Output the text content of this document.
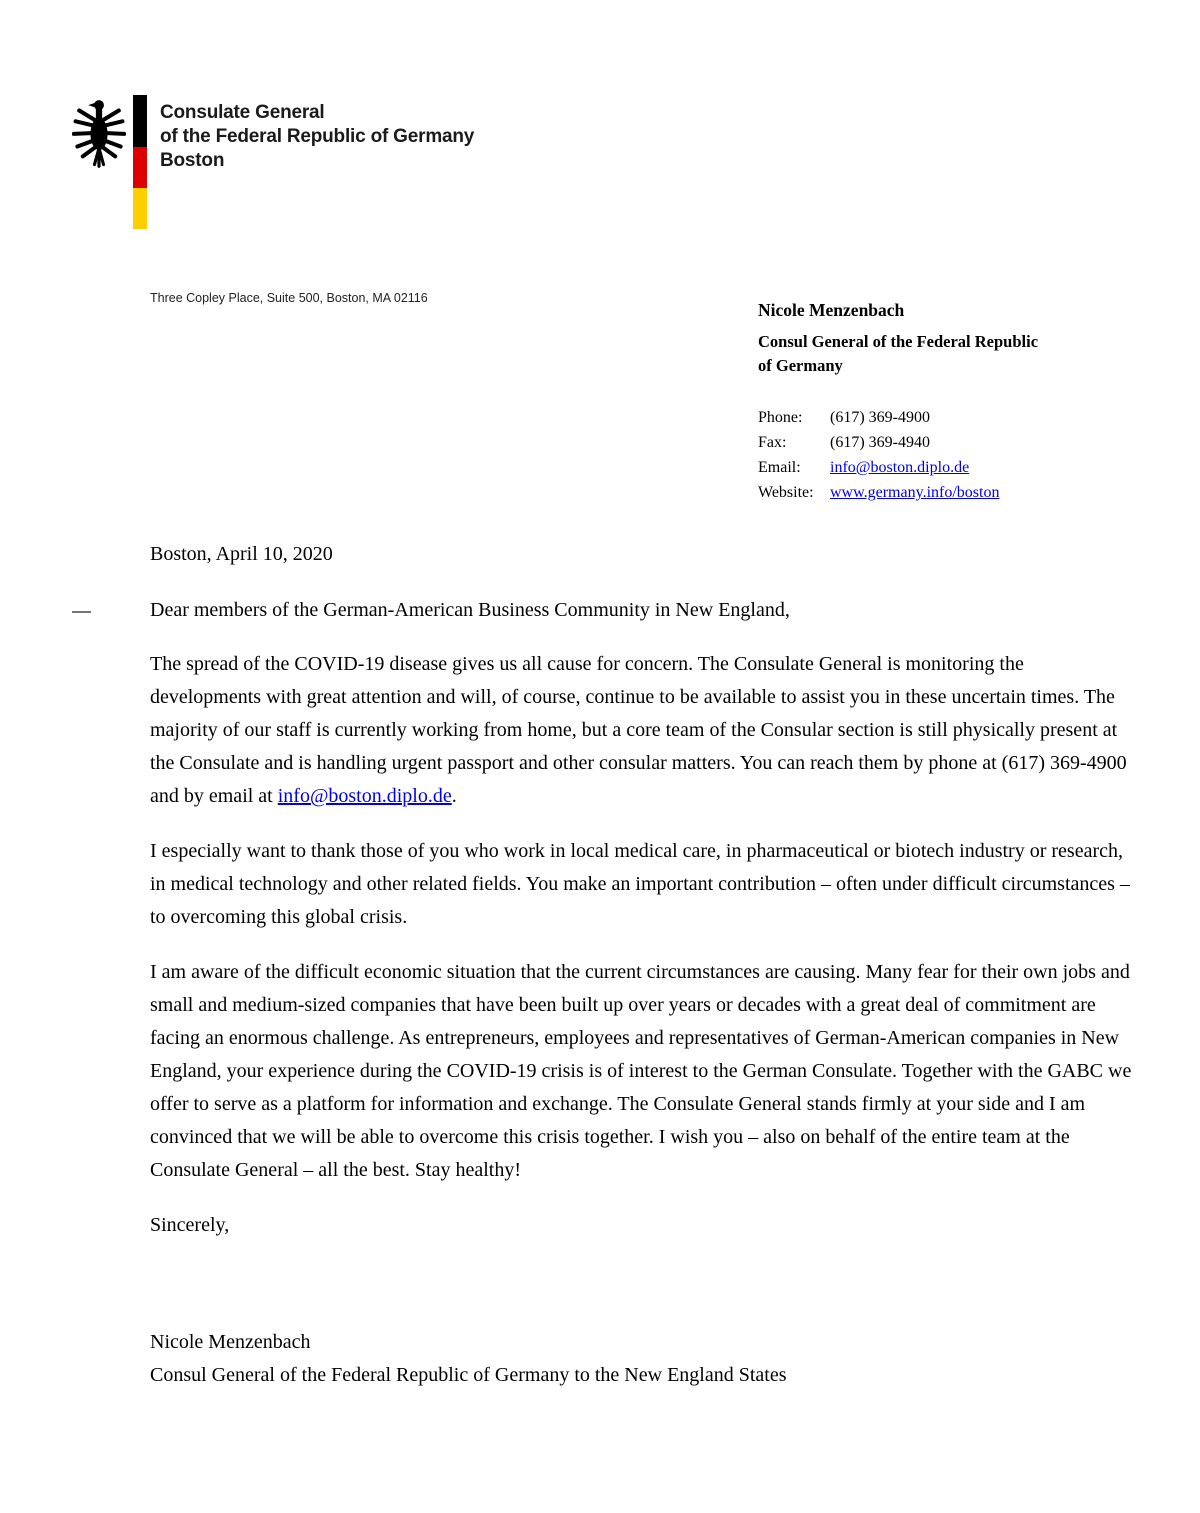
Consulate General
of the Federal Republic of Germany
Boston
Three Copley Place, Suite 500, Boston, MA 02116
Nicole Menzenbach
Consul General of the Federal Republic
of Germany
Phone:	(617) 369-4900
Fax:	(617) 369-4940
Email:	info@boston.diplo.de
Website:	www.germany.info/boston

Boston, April 10, 2020

Dear members of the German-American Business Community in New England,

The spread of the COVID-19 disease gives us all cause for concern. The Consulate General is monitoring the developments with great attention and will, of course, continue to be available to assist you in these uncertain times. The majority of our staff is currently working from home, but a core team of the Consular section is still physically present at the Consulate and is handling urgent passport and other consular matters. You can reach them by phone at (617) 369-4900 and by email at info@boston.diplo.de.

I especially want to thank those of you who work in local medical care, in pharmaceutical or biotech industry or research, in medical technology and other related fields. You make an important contribution – often under difficult circumstances – to overcoming this global crisis.

I am aware of the difficult economic situation that the current circumstances are causing. Many fear for their own jobs and small and medium-sized companies that have been built up over years or decades with a great deal of commitment are facing an enormous challenge. As entrepreneurs, employees and representatives of German-American companies in New England, your experience during the COVID-19 crisis is of interest to the German Consulate. Together with the GABC we offer to serve as a platform for information and exchange. The Consulate General stands firmly at your side and I am convinced that we will be able to overcome this crisis together. I wish you – also on behalf of the entire team at the Consulate General – all the best. Stay healthy!

Sincerely,

Nicole Menzenbach
Consul General of the Federal Republic of Germany to the New England States
